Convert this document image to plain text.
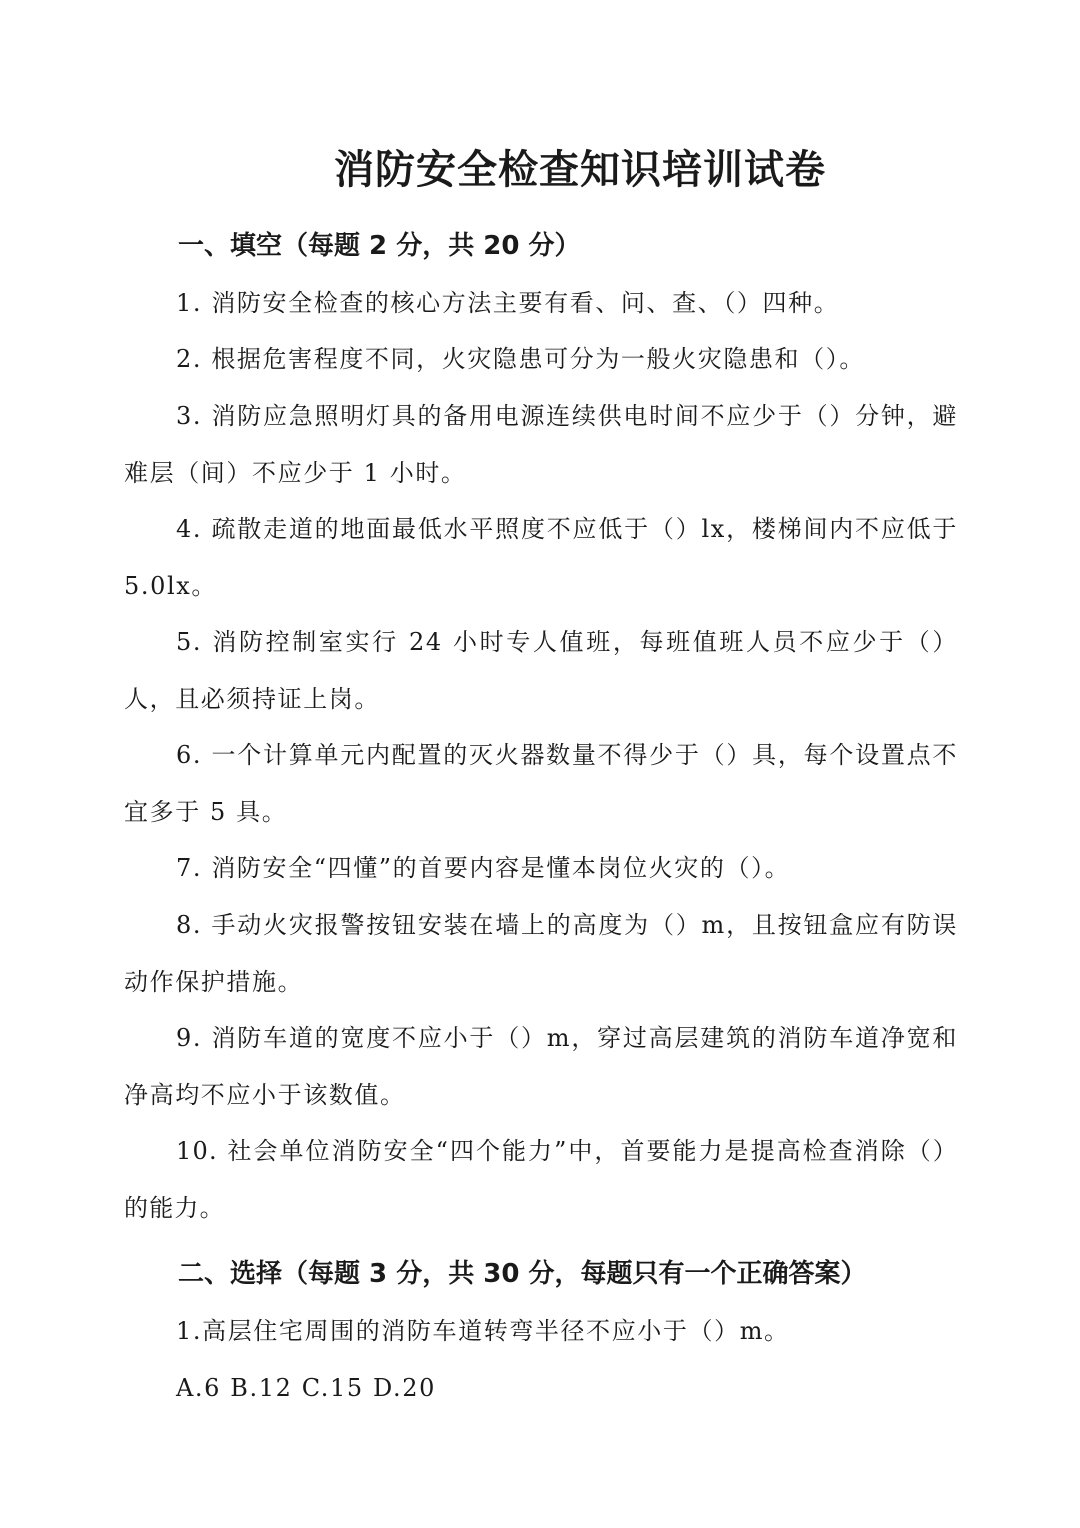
消防安全检查知识培训试卷
一、填空（每题 2 分，共 20 分）

1. 消防安全检查的核心方法主要有看、问、查、（）四种。

2. 根据危害程度不同，火灾隐患可分为一般火灾隐患和（）。

3. 消防应急照明灯具的备用电源连续供电时间不应少于（）分钟，避难层（间）不应少于 1 小时。

4. 疏散走道的地面最低水平照度不应低于（）lx，楼梯间内不应低于 5.0lx。

5. 消防控制室实行 24 小时专人值班，每班值班人员不应少于（）人，且必须持证上岗。

6. 一个计算单元内配置的灭火器数量不得少于（）具，每个设置点不宜多于 5 具。

7. 消防安全“四懂”的首要内容是懂本岗位火灾的（）。

8. 手动火灾报警按钮安装在墙上的高度为（）m，且按钮盒应有防误动作保护措施。

9. 消防车道的宽度不应小于（）m，穿过高层建筑的消防车道净宽和净高均不应小于该数值。

10. 社会单位消防安全“四个能力”中，首要能力是提高检查消除（）的能力。

二、选择（每题 3 分，共 30 分，每题只有一个正确答案）

1.高层住宅周围的消防车道转弯半径不应小于（）m。

A.6 B.12 C.15 D.20
